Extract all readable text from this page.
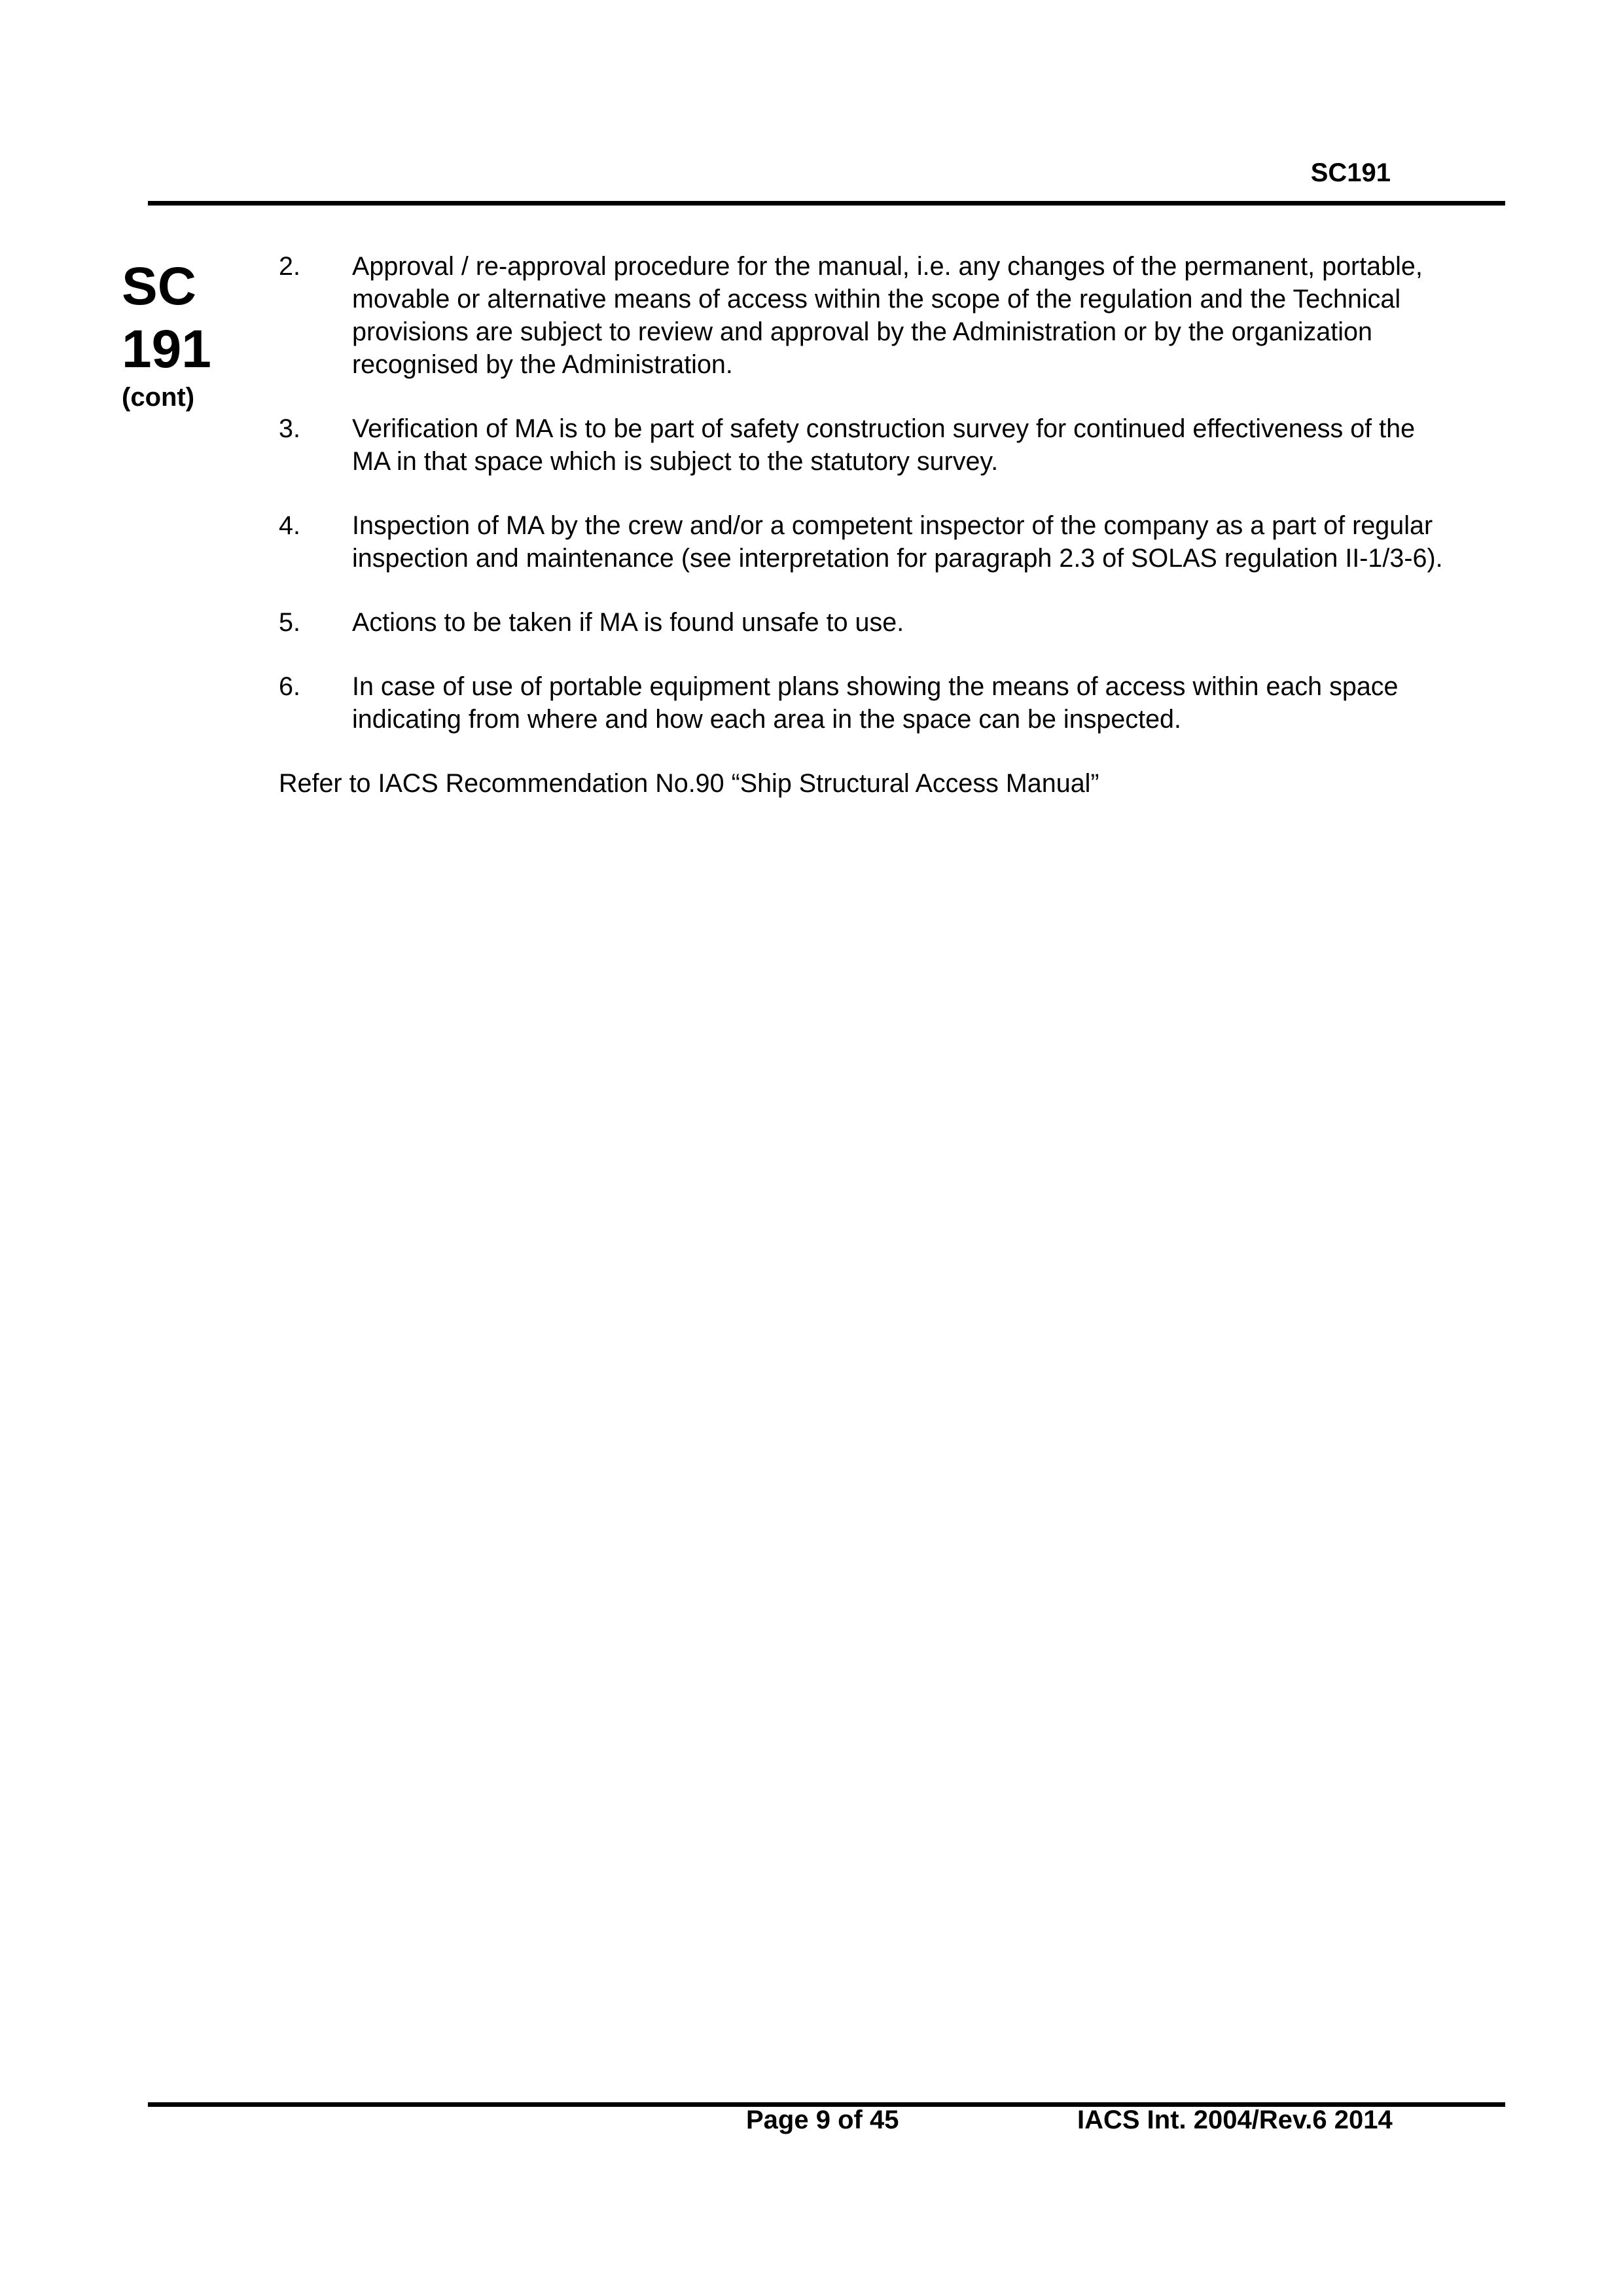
SC191
SC
191
(cont)
2.	Approval / re-approval procedure for the manual, i.e. any changes of the permanent, portable, movable or alternative means of access within the scope of the regulation and the Technical provisions are subject to review and approval by the Administration or by the organization recognised by the Administration.
3.	Verification of MA is to be part of safety construction survey for continued effectiveness of the MA in that space which is subject to the statutory survey.
4.	Inspection of MA by the crew and/or a competent inspector of the company as a part of regular inspection and maintenance (see interpretation for paragraph 2.3 of SOLAS regulation II-1/3-6).
5.	Actions to be taken if MA is found unsafe to use.
6.	In case of use of portable equipment plans showing the means of access within each space indicating from where and how each area in the space can be inspected.
Refer to IACS Recommendation No.90 “Ship Structural Access Manual”
Page 9 of 45	IACS Int. 2004/Rev.6 2014
